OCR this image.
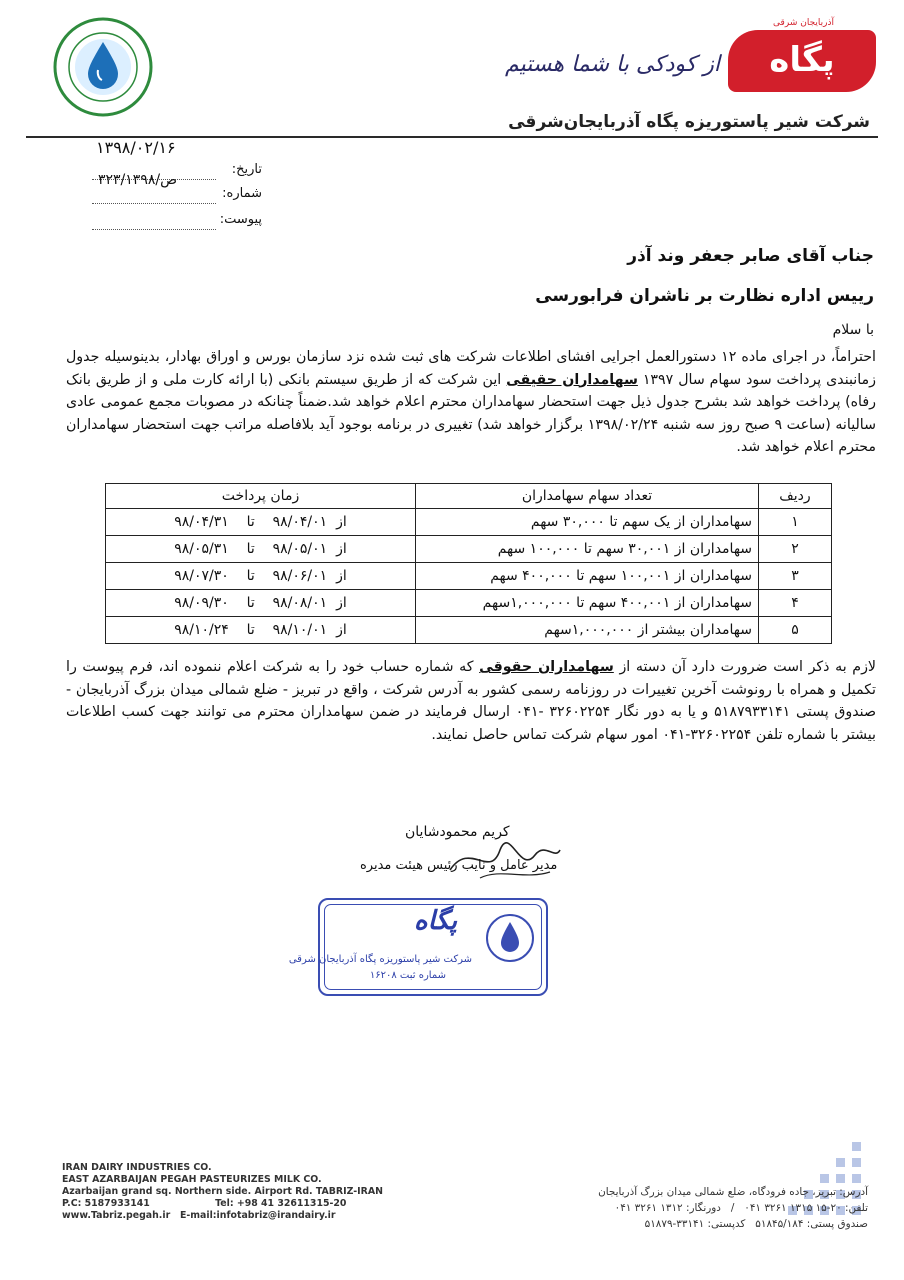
پگاه
آذربایجان شرقی
از کودکی با شما هستیم
شرکت شیر پاستوریزه پگاه آذربایجان‌شرقی
۱۳۹۸/۰۲/۱۶
تاریخ:
شماره:
۳۲۳/ص/۱۳۹۸
پیوست:
جناب آقای صابر جعفر وند آذر
رییس اداره نظارت بر ناشران فرابورسی
با سلام
احتراماً، در اجرای ماده ۱۲ دستورالعمل اجرایی افشای اطلاعات شرکت های ثبت شده نزد سازمان بورس و اوراق بهادار، بدینوسیله جدول زمانبندی پرداخت سود سهام سال ۱۳۹۷ سهامداران حقیقی این شرکت که از طریق سیستم بانکی (با ارائه کارت ملی و از طریق بانک رفاه) پرداخت خواهد شد بشرح جدول ذیل جهت استحضار سهامداران محترم اعلام خواهد شد.ضمناً چنانکه در مصوبات مجمع عمومی عادی سالیانه (ساعت ۹ صبح روز سه شنبه ۱۳۹۸/۰۲/۲۴ برگزار خواهد شد) تغییری در برنامه بوجود آید بلافاصله مراتب جهت استحضار سهامداران محترم اعلام خواهد شد.
ردیف	تعداد سهام سهامداران	زمان پرداخت
۱	سهامداران از یک سهم تا ۳۰,۰۰۰ سهم	از  ۹۸/۰۴/۰۱    تا    ۹۸/۰۴/۳۱
۲	سهامداران از ۳۰,۰۰۱ سهم تا ۱۰۰,۰۰۰ سهم	از  ۹۸/۰۵/۰۱    تا    ۹۸/۰۵/۳۱
۳	سهامداران از ۱۰۰,۰۰۱ سهم تا ۴۰۰,۰۰۰ سهم	از  ۹۸/۰۶/۰۱    تا    ۹۸/۰۷/۳۰
۴	سهامداران از ۴۰۰,۰۰۱ سهم تا ۱,۰۰۰,۰۰۰سهم	از  ۹۸/۰۸/۰۱    تا    ۹۸/۰۹/۳۰
۵	سهامداران بیشتر از ۱,۰۰۰,۰۰۰سهم	از  ۹۸/۱۰/۰۱    تا    ۹۸/۱۰/۲۴
لازم به ذکر است ضرورت دارد آن دسته از سهامداران حقوقی که شماره حساب خود را به شرکت اعلام ننموده اند، فرم پیوست را تکمیل و همراه با رونوشت آخرین تغییرات در روزنامه رسمی کشور به آدرس شرکت ، واقع در تبریز - ضلع شمالی میدان بزرگ آذربایجان - صندوق پستی ۵۱۸۷۹۳۳۱۴۱ و یا به دور نگار ۳۲۶۰۲۲۵۴ -۰۴۱ ارسال فرمایند در ضمن سهامداران محترم می توانند جهت کسب اطلاعات بیشتر با شماره تلفن ۳۲۶۰۲۲۵۴-۰۴۱ امور سهام شرکت تماس حاصل نمایند.
کریم محمودشایان
مدیر عامل و نایب رئیس هیئت مدیره
پگاه
شرکت شیر پاستوریزه پگاه آذربایجان شرقی
شماره ثبت ۱۶۲۰۸
IRAN DAIRY INDUSTRIES CO.
EAST AZARBAIJAN PEGAH PASTEURIZES MILK CO.
Azarbaijan grand sq. Northern side. Airport Rd. TABRIZ-IRAN
P.C: 5187933141                    Tel: +98 41 32611315-20
www.Tabriz.pegah.ir   E-mail:infotabriz@irandairy.ir
آدرس: تبریز، جاده فرودگاه، ضلع شمالی میدان بزرگ آذربایجان
تلفن: ۲۰-۱۵ ۱۳۱۵ ۳۲۶۱ ۰۴۱   /   دورنگار: ۱۳۱۲ ۳۲۶۱ ۰۴۱
صندوق پستی: ۵۱۸۴۵/۱۸۴   کدپستی: ۳۳۱۴۱-۵۱۸۷۹
